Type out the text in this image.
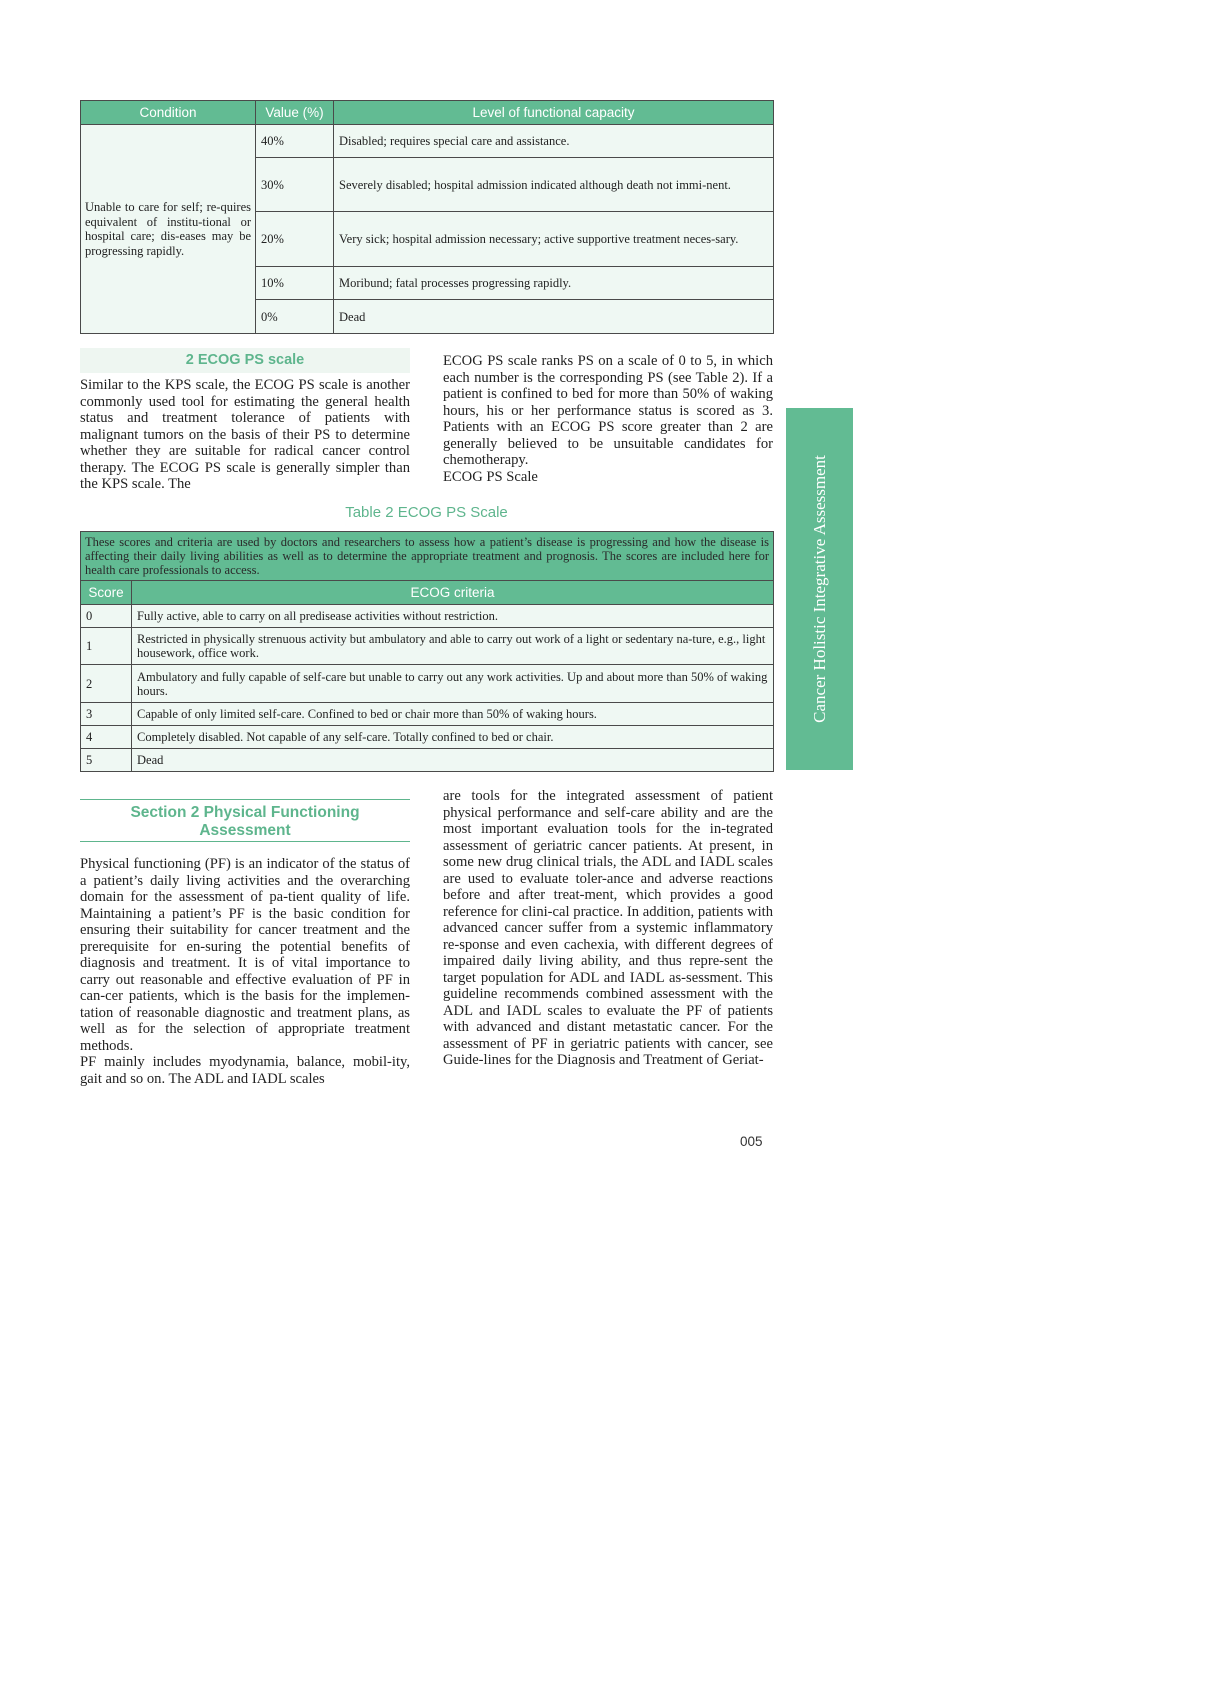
Condition	Value (%)	Level of functional capacity
Unable to care for self; re-quires equivalent of institu-tional or hospital care; dis-eases may be progressing rapidly.	40%	Disabled; requires special care and assistance.
	30%	Severely disabled; hospital admission indicated although death not immi-nent.
	20%	Very sick; hospital admission necessary; active supportive treatment neces-sary.
	10%	Moribund; fatal processes progressing rapidly.
	0%	Dead
2 ECOG PS scale

Similar to the KPS scale, the ECOG PS scale is another commonly used tool for estimating the general health status and treatment tolerance of patients with malignant tumors on the basis of their PS to determine whether they are suitable for radical cancer control therapy. The ECOG PS scale is generally simpler than the KPS scale. The

ECOG PS scale ranks PS on a scale of 0 to 5, in which each number is the corresponding PS (see Table 2). If a patient is confined to bed for more than 50% of waking hours, his or her performance status is scored as 3. Patients with an ECOG PS score greater than 2 are generally believed to be unsuitable candidates for chemotherapy.

ECOG PS Scale

Table 2 ECOG PS Scale
These scores and criteria are used by doctors and researchers to assess how a patient’s disease is progressing and how the disease is affecting their daily living abilities as well as to determine the appropriate treatment and prognosis. The scores are included here for health care professionals to access.	
Score	ECOG criteria
0	Fully active, able to carry on all predisease activities without restriction.
1	Restricted in physically strenuous activity but ambulatory and able to carry out work of a light or sedentary na-ture, e.g., light housework, office work.
2	Ambulatory and fully capable of self-care but unable to carry out any work activities. Up and about more than 50% of waking hours.
3	Capable of only limited self-care. Confined to bed or chair more than 50% of waking hours.
4	Completely disabled. Not capable of any self-care. Totally confined to bed or chair.
5	Dead
Section 2 Physical Functioning
Assessment

Physical functioning (PF) is an indicator of the status of a patient’s daily living activities and the overarching domain for the assessment of pa-tient quality of life. Maintaining a patient’s PF is the basic condition for ensuring their suitability for cancer treatment and the prerequisite for en-suring the potential benefits of diagnosis and treatment. It is of vital importance to carry out reasonable and effective evaluation of PF in can-cer patients, which is the basis for the implemen-tation of reasonable diagnostic and treatment plans, as well as for the selection of appropriate treatment methods.

PF mainly includes myodynamia, balance, mobil-ity, gait and so on. The ADL and IADL scales

are tools for the integrated assessment of patient physical performance and self-care ability and are the most important evaluation tools for the in-tegrated assessment of geriatric cancer patients. At present, in some new drug clinical trials, the ADL and IADL scales are used to evaluate toler-ance and adverse reactions before and after treat-ment, which provides a good reference for clini-cal practice. In addition, patients with advanced cancer suffer from a systemic inflammatory re-sponse and even cachexia, with different degrees of impaired daily living ability, and thus repre-sent the target population for ADL and IADL as-sessment. This guideline recommends combined assessment with the ADL and IADL scales to evaluate the PF of patients with advanced and distant metastatic cancer. For the assessment of PF in geriatric patients with cancer, see Guide-lines for the Diagnosis and Treatment of Geriat-

005
Cancer Holistic Integrative Assessment
